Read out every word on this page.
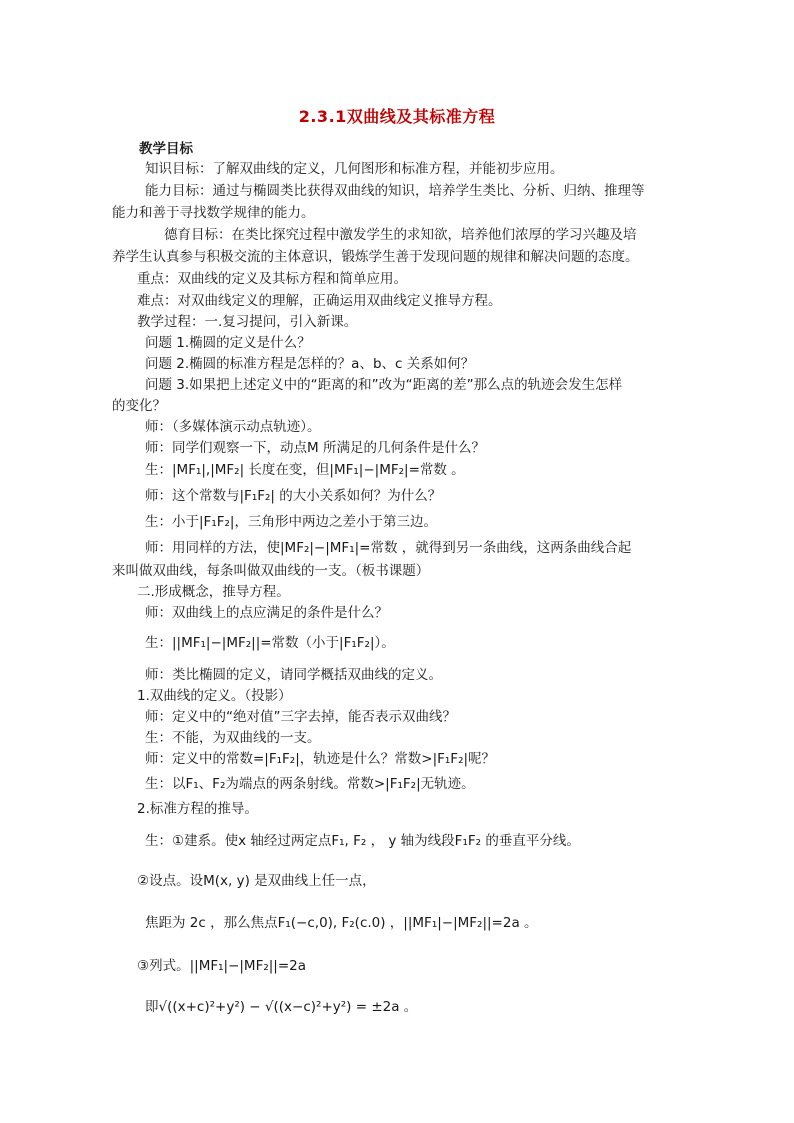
2.3.1双曲线及其标准方程
教学目标
知识目标：了解双曲线的定义，几何图形和标准方程，并能初步应用。
能力目标：通过与椭圆类比获得双曲线的知识，培养学生类比、分析、归纳、推理等
能力和善于寻找数学规律的能力。
德育目标：在类比探究过程中激发学生的求知欲，培养他们浓厚的学习兴趣及培
养学生认真参与积极交流的主体意识，锻炼学生善于发现问题的规律和解决问题的态度。
重点：双曲线的定义及其标方程和简单应用。
难点：对双曲线定义的理解，正确运用双曲线定义推导方程。
教学过程：一.复习提问，引入新课。
问题 1.椭圆的定义是什么？
问题 2.椭圆的标准方程是怎样的？a、b、c 关系如何？
问题 3.如果把上述定义中的“距离的和”改为“距离的差”那么点的轨迹会发生怎样
的变化？
师：（多媒体演示动点轨迹）。
师：同学们观察一下，动点M 所满足的几何条件是什么？
生：|MF₁|,|MF₂| 长度在变，但|MF₁|−|MF₂|=常数 。
师：这个常数与|F₁F₂| 的大小关系如何？为什么？
生：小于|F₁F₂|，三角形中两边之差小于第三边。
师：用同样的方法，使|MF₂|−|MF₁|=常数 ，就得到另一条曲线，这两条曲线合起
来叫做双曲线，每条叫做双曲线的一支。（板书课题）
二.形成概念，推导方程。
师：双曲线上的点应满足的条件是什么？
生：||MF₁|−|MF₂||=常数（小于|F₁F₂|）。
师：类比椭圆的定义，请同学概括双曲线的定义。
1.双曲线的定义。（投影）
师：定义中的“绝对值”三字去掉，能否表示双曲线？
生：不能，为双曲线的一支。
师：定义中的常数=|F₁F₂|，轨迹是什么？常数>|F₁F₂|呢？
生：以F₁、F₂为端点的两条射线。常数>|F₁F₂|无轨迹。
2.标准方程的推导。
生：①建系。使x 轴经过两定点F₁, F₂ ， y 轴为线段F₁F₂ 的垂直平分线。
②设点。设M(x, y) 是双曲线上任一点，
焦距为 2c ，那么焦点F₁(−c,0), F₂(c.0) ，||MF₁|−|MF₂||=2a 。
③列式。||MF₁|−|MF₂||=2a
即√((x+c)²+y²) − √((x−c)²+y²) = ±2a 。
